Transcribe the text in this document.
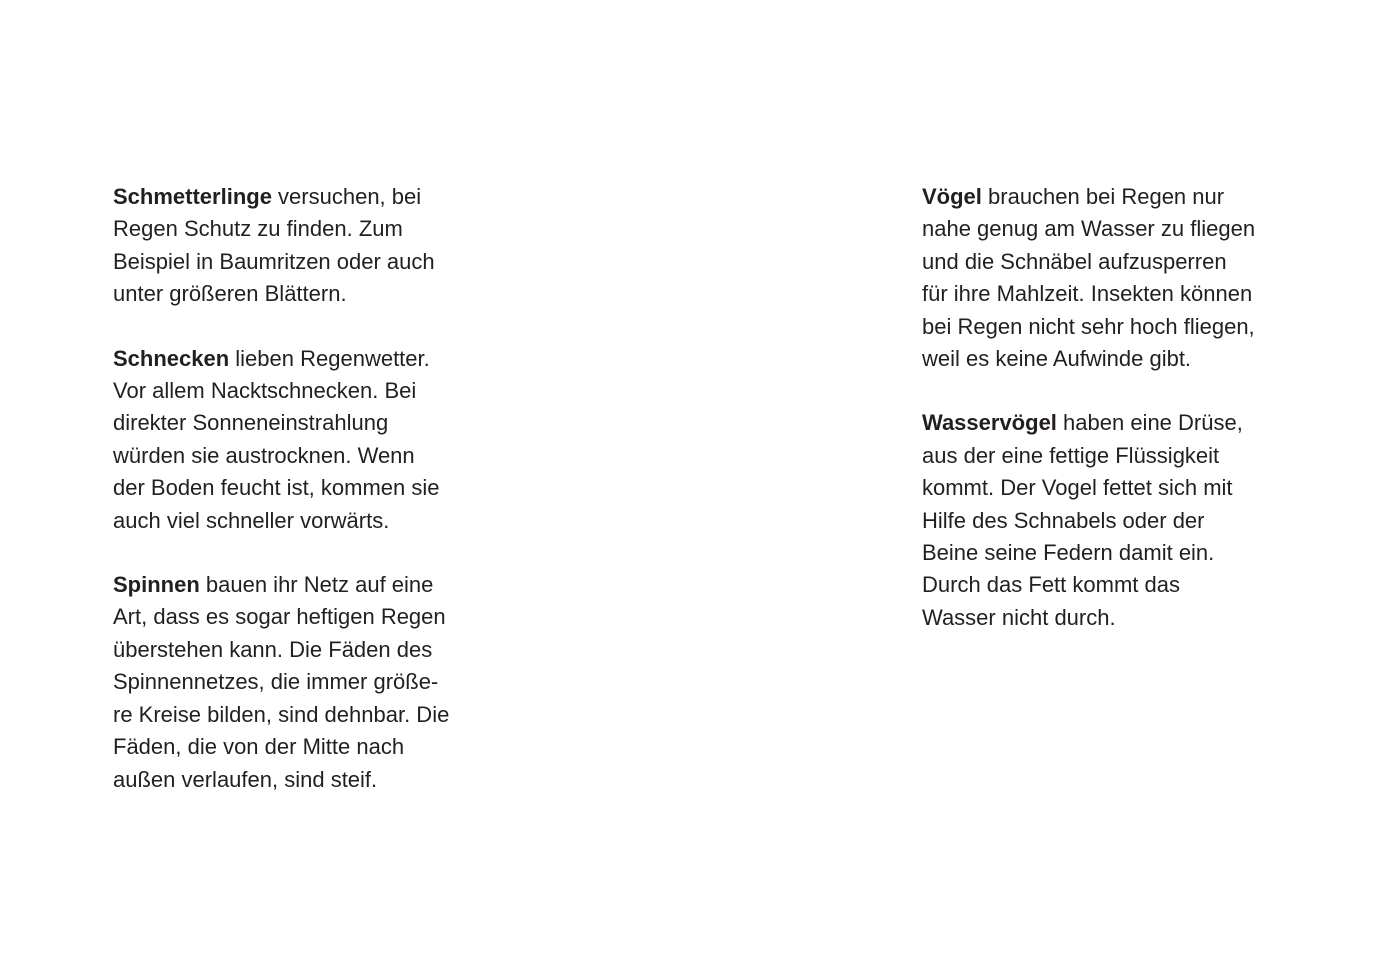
Schmetterlinge versuchen, bei
Regen Schutz zu finden. Zum
Beispiel in Baumritzen oder auch
unter größeren Blättern.

Schnecken lieben Regenwetter.
Vor allem Nacktschnecken. Bei
direkter Sonneneinstrahlung
würden sie austrocknen. Wenn
der Boden feucht ist, kommen sie
auch viel schneller vorwärts.

Spinnen bauen ihr Netz auf eine
Art, dass es sogar heftigen Regen
überstehen kann. Die Fäden des
Spinnennetzes, die immer größe-
re Kreise bilden, sind dehnbar. Die
Fäden, die von der Mitte nach
außen verlaufen, sind steif.

Vögel brauchen bei Regen nur
nahe genug am Wasser zu fliegen
und die Schnäbel aufzusperren
für ihre Mahlzeit. Insekten können
bei Regen nicht sehr hoch fliegen,
weil es keine Aufwinde gibt.

Wasservögel haben eine Drüse,
aus der eine fettige Flüssigkeit
kommt. Der Vogel fettet sich mit
Hilfe des Schnabels oder der
Beine seine Federn damit ein.
Durch das Fett kommt das
Wasser nicht durch.
